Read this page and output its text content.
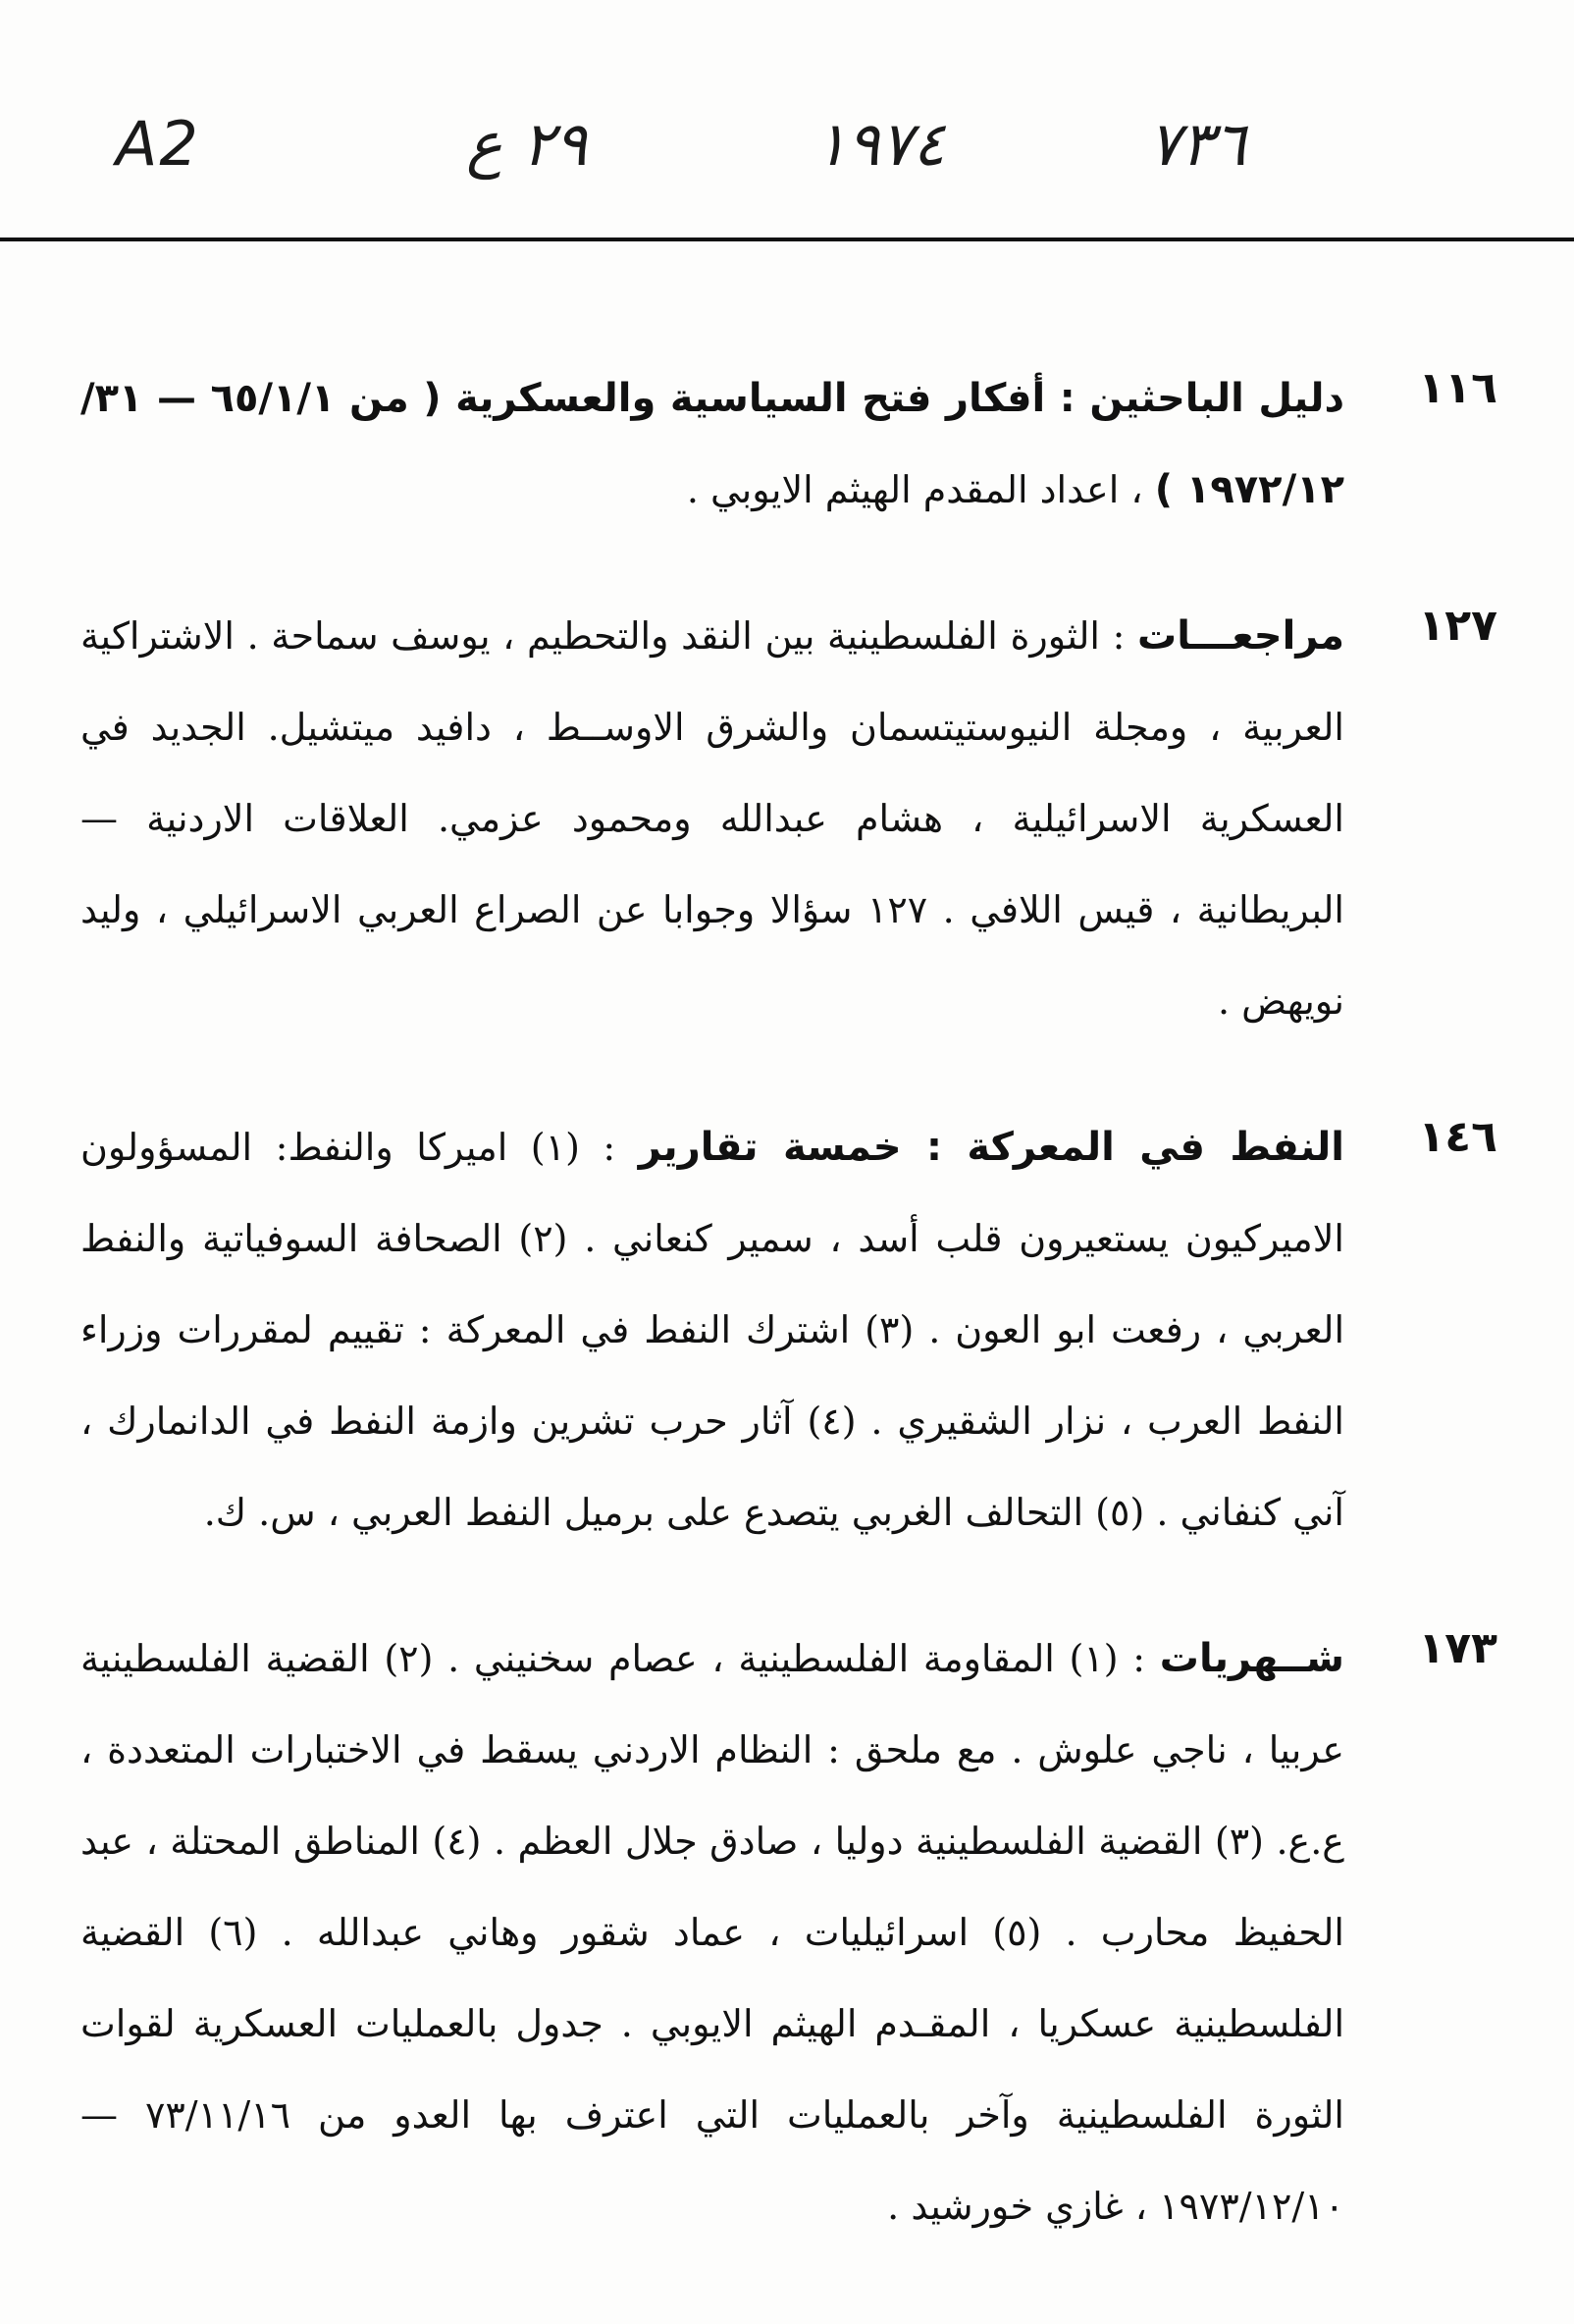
A2	٢٩ ع	١٩٧٤	٧٣٦
١١٦
دليل الباحثين : أفكار فتح السياسية والعسكرية ( من ٦٥/١/١ — ٣١/ ١٩٧٢/١٢ ) ، اعداد المقدم الهيثم الايوبي .
١٢٧
مراجعـــات : الثورة الفلسطينية بين النقد والتحطيم ، يوسف سماحة . الاشتراكية العربية ، ومجلة النيوستيتسمان والشرق الاوســط ، دافيد ميتشيل. الجديد في العسكرية الاسرائيلية ، هشام عبدالله ومحمود عزمي. العلاقات الاردنية — البريطانية ، قيس اللافي . ١٢٧ سؤالا وجوابا عن الصراع العربي الاسرائيلي ، وليد نويهض .
١٤٦
النفط في المعركة : خمسة تقارير : (١) اميركا والنفط: المسؤولون الاميركيون يستعيرون قلب أسد ، سمير كنعاني . (٢) الصحافة السوفياتية والنفط العربي ، رفعت ابو العون . (٣) اشترك النفط في المعركة : تقييم لمقررات وزراء النفط العرب ، نزار الشقيري . (٤) آثار حرب تشرين وازمة النفط في الدانمارك ، آني كنفاني . (٥) التحالف الغربي يتصدع على برميل النفط العربي ، س. ك.
١٧٣
شــهريات : (١) المقاومة الفلسطينية ، عصام سخنيني . (٢) القضية الفلسطينية عربيا ، ناجي علوش . مع ملحق : النظام الاردني يسقط في الاختبارات المتعددة ، ع.ع. (٣) القضية الفلسطينية دوليا ، صادق جلال العظم . (٤) المناطق المحتلة ، عبد الحفيظ محارب . (٥) اسرائيليات ، عماد شقور وهاني عبدالله . (٦) القضية الفلسطينية عسكريا ، المقـدم الهيثم الايوبي . جدول بالعمليات العسكرية لقوات الثورة الفلسطينية وآخر بالعمليات التي اعترف بها العدو من ٧٣/١١/١٦ — ١٩٧٣/١٢/١٠ ، غازي خورشيد .
